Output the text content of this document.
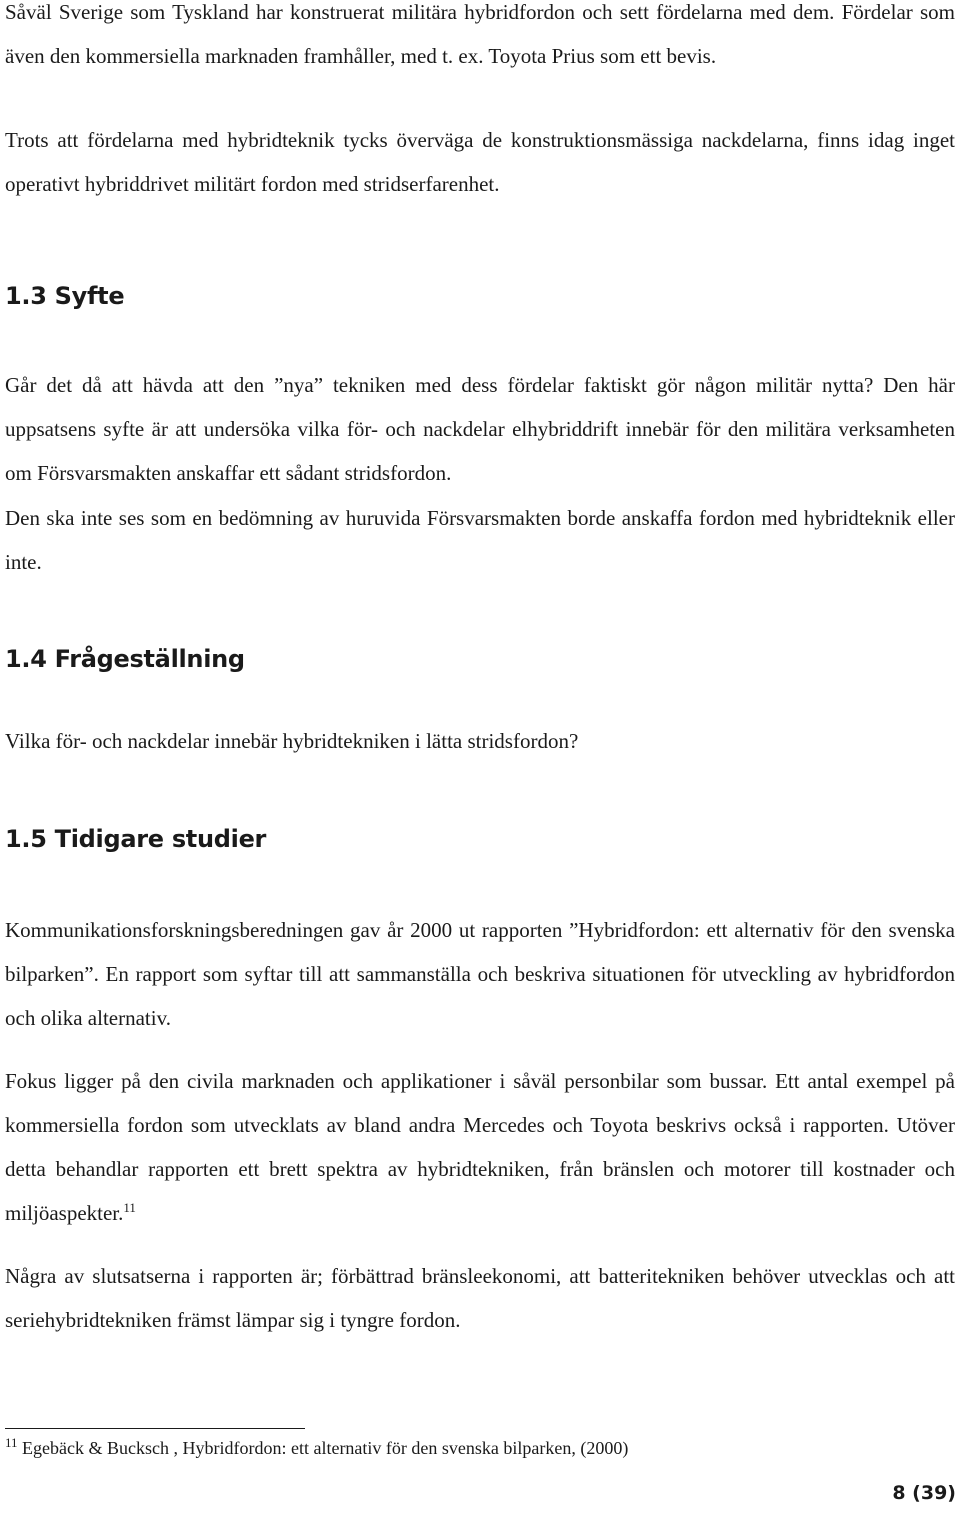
Såväl Sverige som Tyskland har konstruerat militära hybridfordon och sett fördelarna med dem. Fördelar som även den kommersiella marknaden framhåller, med t. ex. Toyota Prius som ett bevis.

Trots att fördelarna med hybridteknik tycks överväga de konstruktionsmässiga nackdelarna, finns idag inget operativt hybriddrivet militärt fordon med stridserfarenhet.

1.3 Syfte

Går det då att hävda att den ”nya” tekniken med dess fördelar faktiskt gör någon militär nytta? Den här uppsatsens syfte är att undersöka vilka för- och nackdelar elhybriddrift innebär för den militära verksamheten om Försvarsmakten anskaffar ett sådant stridsfordon.

Den ska inte ses som en bedömning av huruvida Försvarsmakten borde anskaffa fordon med hybridteknik eller inte.

1.4 Frågeställning

Vilka för- och nackdelar innebär hybridtekniken i lätta stridsfordon?

1.5 Tidigare studier

Kommunikationsforskningsberedningen gav år 2000 ut rapporten ”Hybridfordon: ett alternativ för den svenska bilparken”. En rapport som syftar till att sammanställa och beskriva situationen för utveckling av hybridfordon och olika alternativ.

Fokus ligger på den civila marknaden och applikationer i såväl personbilar som bussar. Ett antal exempel på kommersiella fordon som utvecklats av bland andra Mercedes och Toyota beskrivs också i rapporten. Utöver detta behandlar rapporten ett brett spektra av hybridtekniken, från bränslen och motorer till kostnader och miljöaspekter.$^{11}$

Några av slutsatserna i rapporten är; förbättrad bränsleekonomi, att batteritekniken behöver utvecklas och att seriehybridtekniken främst lämpar sig i tyngre fordon.

$^{11}$ Egebäck & Bucksch , Hybridfordon: ett alternativ för den svenska bilparken, (2000)

8 (39)
